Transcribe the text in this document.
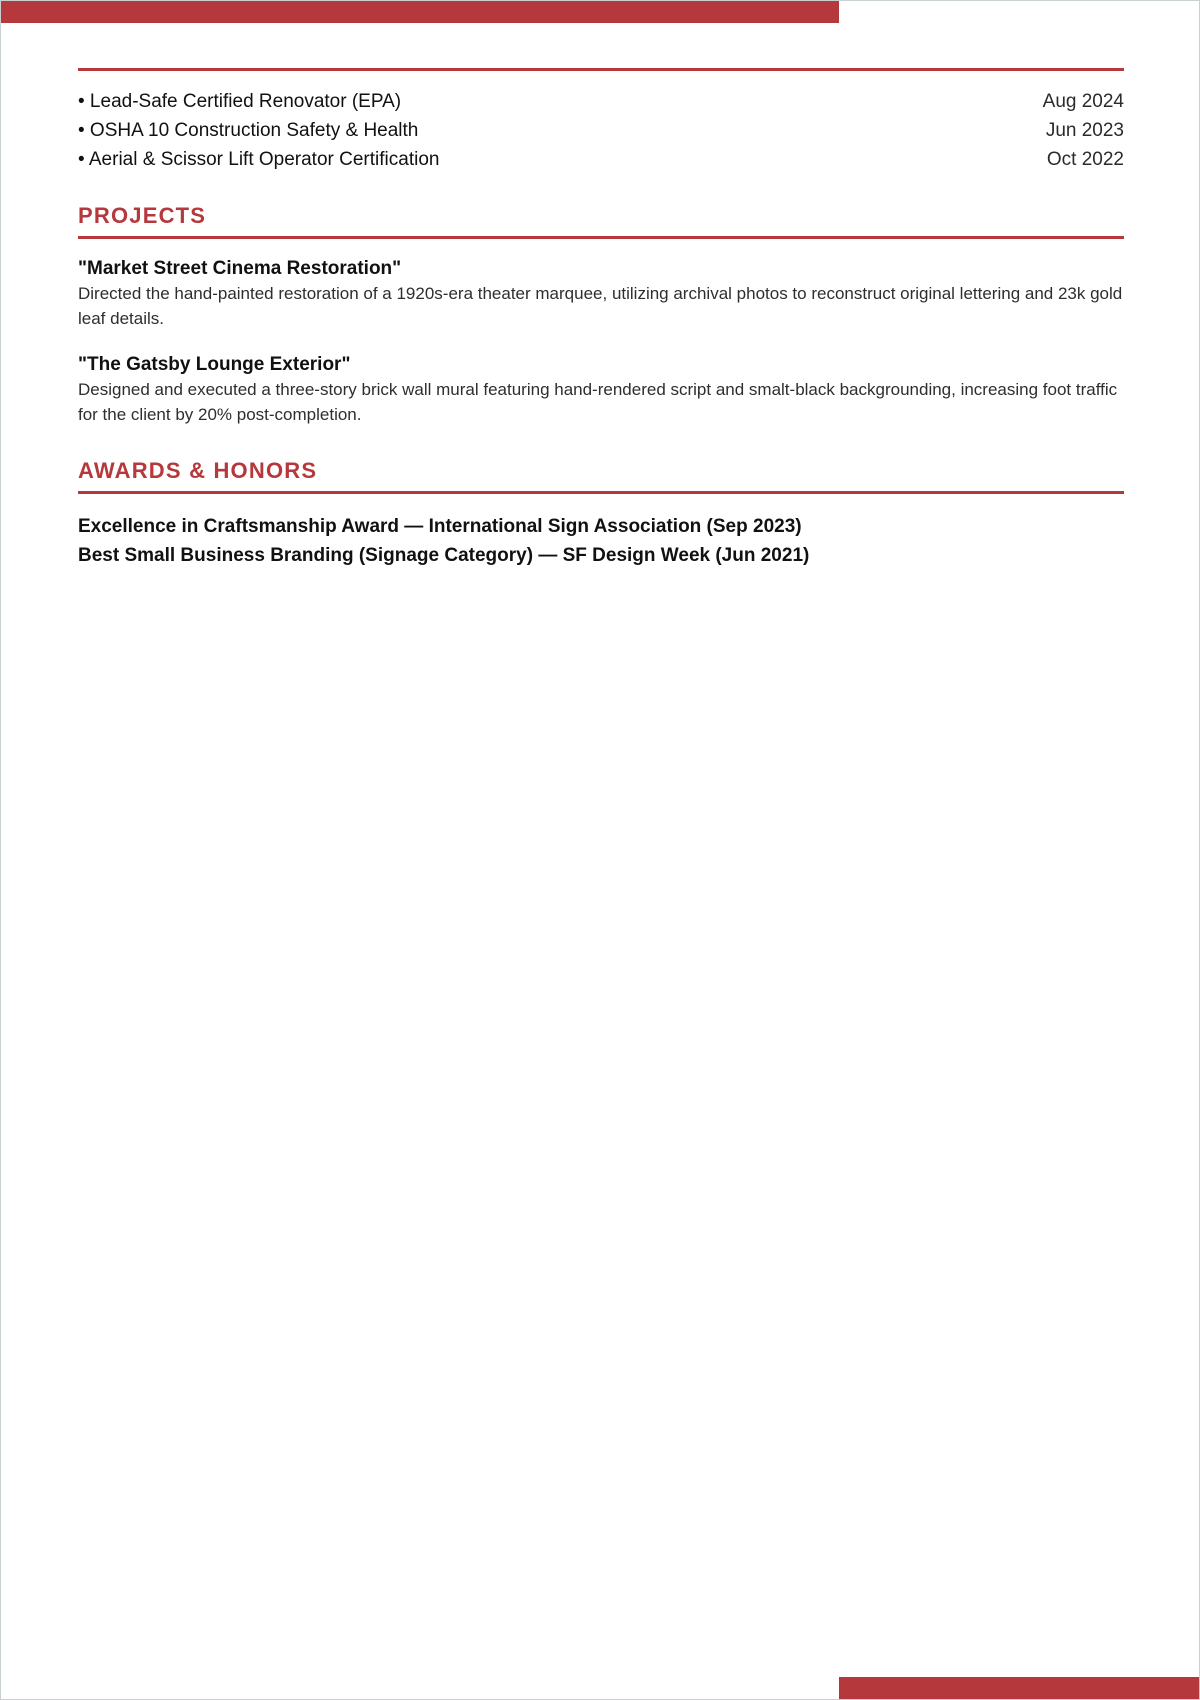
• Lead-Safe Certified Renovator (EPA)	Aug 2024
• OSHA 10 Construction Safety & Health	Jun 2023
• Aerial & Scissor Lift Operator Certification	Oct 2022
PROJECTS
"Market Street Cinema Restoration"
Directed the hand-painted restoration of a 1920s-era theater marquee, utilizing archival photos to reconstruct original lettering and 23k gold leaf details.
"The Gatsby Lounge Exterior"
Designed and executed a three-story brick wall mural featuring hand-rendered script and smalt-black backgrounding, increasing foot traffic for the client by 20% post-completion.
AWARDS & HONORS
Excellence in Craftsmanship Award — International Sign Association (Sep 2023)
Best Small Business Branding (Signage Category) — SF Design Week (Jun 2021)
